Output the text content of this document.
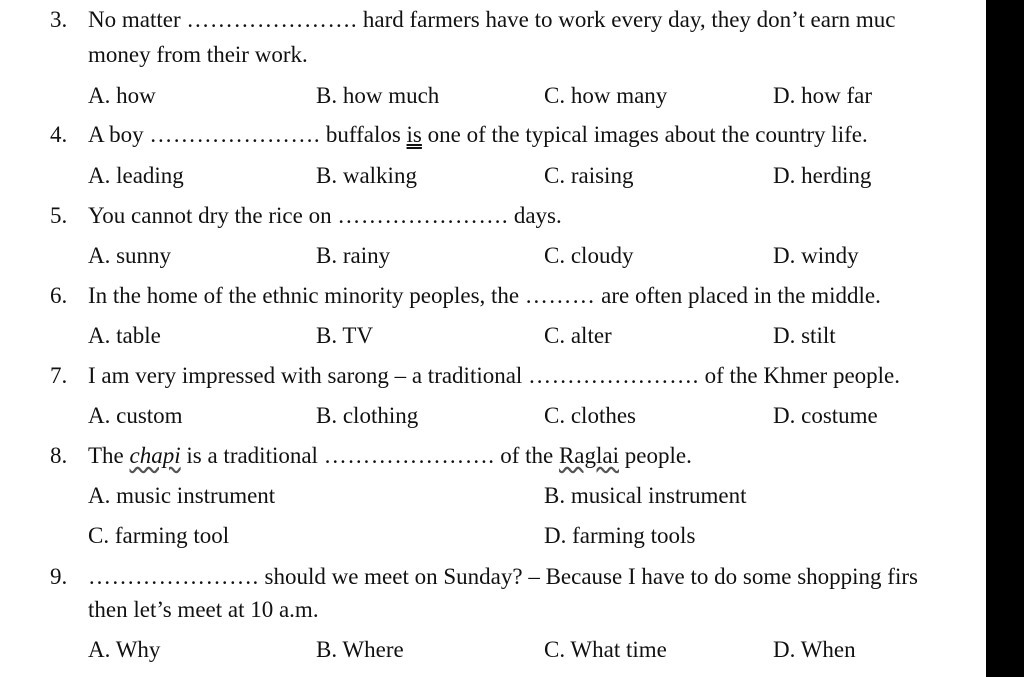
3. No matter …………………. hard farmers have to work every day, they don’t earn muc
money from their work.
A. how	B. how much	C. how many	D. how far
4. A boy …………………. buffalos is one of the typical images about the country life.
A. leading	B. walking	C. raising	D. herding
5. You cannot dry the rice on …………………. days.
A. sunny	B. rainy	C. cloudy	D. windy
6. In the home of the ethnic minority peoples, the ……… are often placed in the middle.
A. table	B. TV	C. alter	D. stilt
7. I am very impressed with sarong – a traditional …………………. of the Khmer people.
A. custom	B. clothing	C. clothes	D. costume
8. The chapi is a traditional …………………. of the Raglai people.
A. music instrument	B. musical instrument
C. farming tool	D. farming tools
9. …………………. should we meet on Sunday? – Because I have to do some shopping firs
then let’s meet at 10 a.m.
A. Why	B. Where	C. What time	D. When
